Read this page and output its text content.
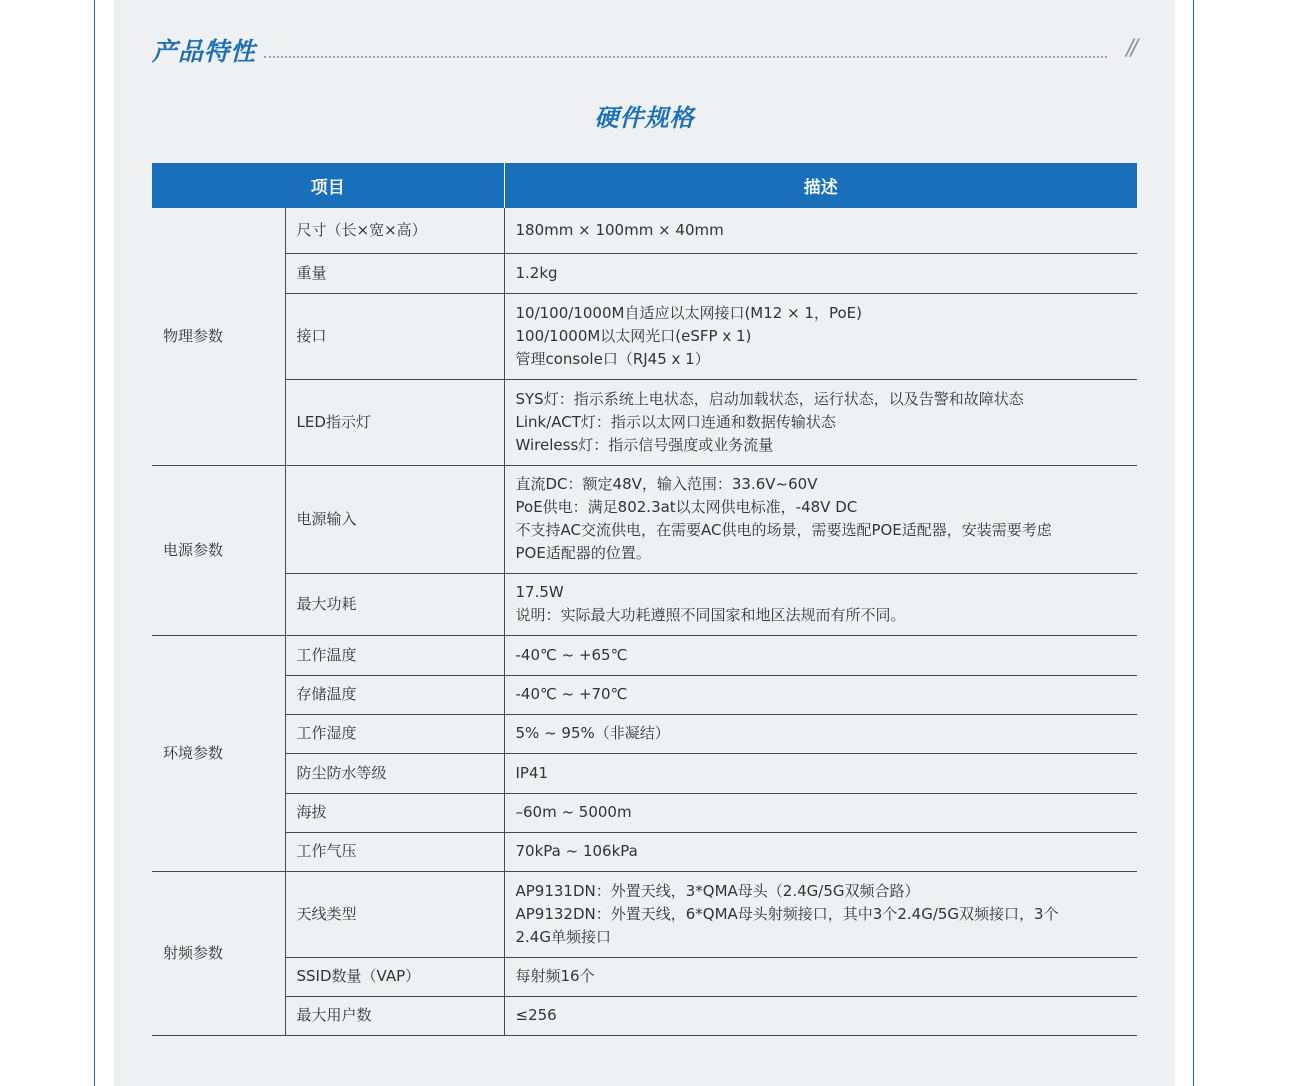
产品特性	//
硬件规格
项目		描述
物理参数	尺寸（长×宽×高）	180mm × 100mm × 40mm

	重量	1.2kg

	接口	10/100/1000M自适应以太网接口(M12 × 1，PoE)
100/1000M以太网光口(eSFP x 1)
管理console口（RJ45 x 1）

	LED指示灯	SYS灯：指示系统上电状态，启动加载状态，运行状态，以及告警和故障状态
Link/ACT灯：指示以太网口连通和数据传输状态
Wireless灯：指示信号强度或业务流量

电源参数	电源输入	直流DC：额定48V，输入范围：33.6V~60V
PoE供电：满足802.3at以太网供电标准，-48V DC
不支持AC交流供电，在需要AC供电的场景，需要选配POE适配器，安装需要考虑
POE适配器的位置。

	最大功耗	17.5W
说明：实际最大功耗遵照不同国家和地区法规而有所不同。

环境参数	工作温度	-40℃ ~ +65℃

	存储温度	-40℃ ~ +70℃

	工作湿度	5% ~ 95%（非凝结）

	防尘防水等级	IP41

	海拔	–60m ~ 5000m

	工作气压	70kPa ~ 106kPa

射频参数	天线类型	AP9131DN：外置天线，3*QMA母头（2.4G/5G双频合路）
AP9132DN：外置天线，6*QMA母头射频接口，其中3个2.4G/5G双频接口，3个
2.4G单频接口

	SSID数量（VAP）	每射频16个

	最大用户数	≤256
